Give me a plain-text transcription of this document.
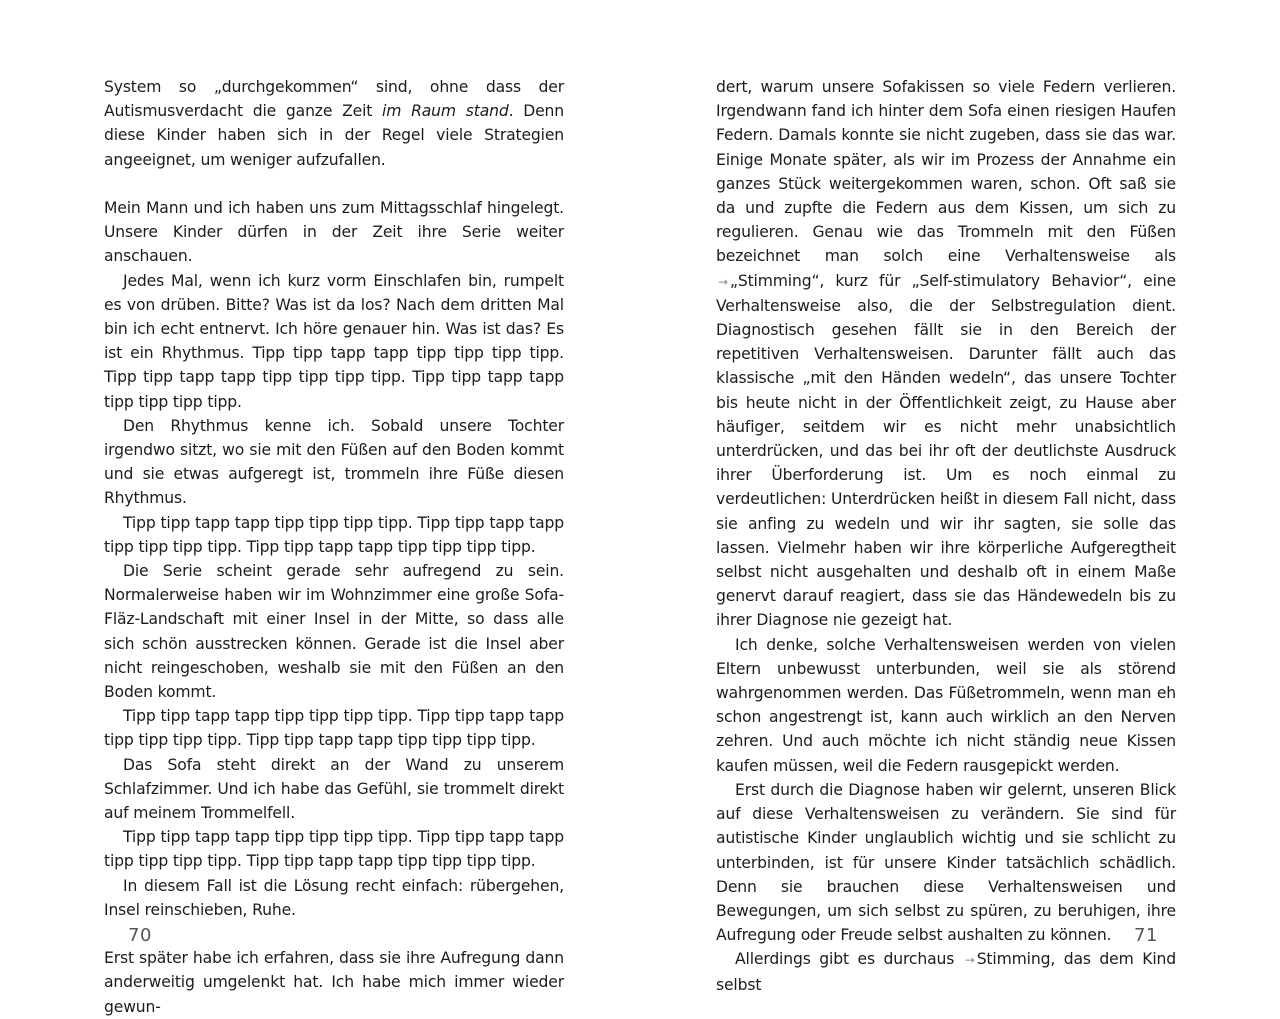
System so „durchgekommen“ sind, ohne dass der Autismusverdacht die ganze Zeit im Raum stand. Denn diese Kinder haben sich in der Regel viele Strategien angeeignet, um weniger aufzufallen.

Mein Mann und ich haben uns zum Mittagsschlaf hingelegt. Unsere Kinder dürfen in der Zeit ihre Serie weiter anschauen.

Jedes Mal, wenn ich kurz vorm Einschlafen bin, rumpelt es von drüben. Bitte? Was ist da los? Nach dem dritten Mal bin ich echt entnervt. Ich höre genauer hin. Was ist das? Es ist ein Rhythmus. Tipp tipp tapp tapp tipp tipp tipp tipp. Tipp tipp tapp tapp tipp tipp tipp tipp. Tipp tipp tapp tapp tipp tipp tipp tipp.

Den Rhythmus kenne ich. Sobald unsere Tochter irgendwo sitzt, wo sie mit den Füßen auf den Boden kommt und sie etwas aufgeregt ist, trommeln ihre Füße diesen Rhythmus.

Tipp tipp tapp tapp tipp tipp tipp tipp. Tipp tipp tapp tapp tipp tipp tipp tipp. Tipp tipp tapp tapp tipp tipp tipp tipp.

Die Serie scheint gerade sehr aufregend zu sein. Normalerweise haben wir im Wohnzimmer eine große Sofa-Fläz-Landschaft mit einer Insel in der Mitte, so dass alle sich schön ausstrecken können. Gerade ist die Insel aber nicht reingeschoben, weshalb sie mit den Füßen an den Boden kommt.

Tipp tipp tapp tapp tipp tipp tipp tipp. Tipp tipp tapp tapp tipp tipp tipp tipp. Tipp tipp tapp tapp tipp tipp tipp tipp.

Das Sofa steht direkt an der Wand zu unserem Schlafzimmer. Und ich habe das Gefühl, sie trommelt direkt auf meinem Trommelfell.

Tipp tipp tapp tapp tipp tipp tipp tipp. Tipp tipp tapp tapp tipp tipp tipp tipp. Tipp tipp tapp tapp tipp tipp tipp tipp.

In diesem Fall ist die Lösung recht einfach: rübergehen, Insel reinschieben, Ruhe.

Erst später habe ich erfahren, dass sie ihre Aufregung dann anderweitig umgelenkt hat. Ich habe mich immer wieder gewun-

70

dert, warum unsere Sofakissen so viele Federn verlieren. Irgendwann fand ich hinter dem Sofa einen riesigen Haufen Federn. Damals konnte sie nicht zugeben, dass sie das war. Einige Monate später, als wir im Prozess der Annahme ein ganzes Stück weitergekommen waren, schon. Oft saß sie da und zupfte die Federn aus dem Kissen, um sich zu regulieren. Genau wie das Trommeln mit den Füßen bezeichnet man solch eine Verhaltensweise als → „Stimming“, kurz für „Self-stimulatory Behavior“, eine Verhaltensweise also, die der Selbstregulation dient. Diagnostisch gesehen fällt sie in den Bereich der repetitiven Verhaltensweisen. Darunter fällt auch das klassische „mit den Händen wedeln“, das unsere Tochter bis heute nicht in der Öffentlichkeit zeigt, zu Hause aber häufiger, seitdem wir es nicht mehr unabsichtlich unterdrücken, und das bei ihr oft der deutlichste Ausdruck ihrer Überforderung ist. Um es noch einmal zu verdeutlichen: Unterdrücken heißt in diesem Fall nicht, dass sie anfing zu wedeln und wir ihr sagten, sie solle das lassen. Vielmehr haben wir ihre körperliche Aufgeregtheit selbst nicht ausgehalten und deshalb oft in einem Maße genervt darauf reagiert, dass sie das Händewedeln bis zu ihrer Diagnose nie gezeigt hat.

Ich denke, solche Verhaltensweisen werden von vielen Eltern unbewusst unterbunden, weil sie als störend wahrgenommen werden. Das Füßetrommeln, wenn man eh schon angestrengt ist, kann auch wirklich an den Nerven zehren. Und auch möchte ich nicht ständig neue Kissen kaufen müssen, weil die Federn rausgepickt werden.

Erst durch die Diagnose haben wir gelernt, unseren Blick auf diese Verhaltensweisen zu verändern. Sie sind für autistische Kinder unglaublich wichtig und sie schlicht zu unterbinden, ist für unsere Kinder tatsächlich schädlich. Denn sie brauchen diese Verhaltensweisen und Bewegungen, um sich selbst zu spüren, zu beruhigen, ihre Aufregung oder Freude selbst aushalten zu können.

Allerdings gibt es durchaus → Stimming, das dem Kind selbst

71
